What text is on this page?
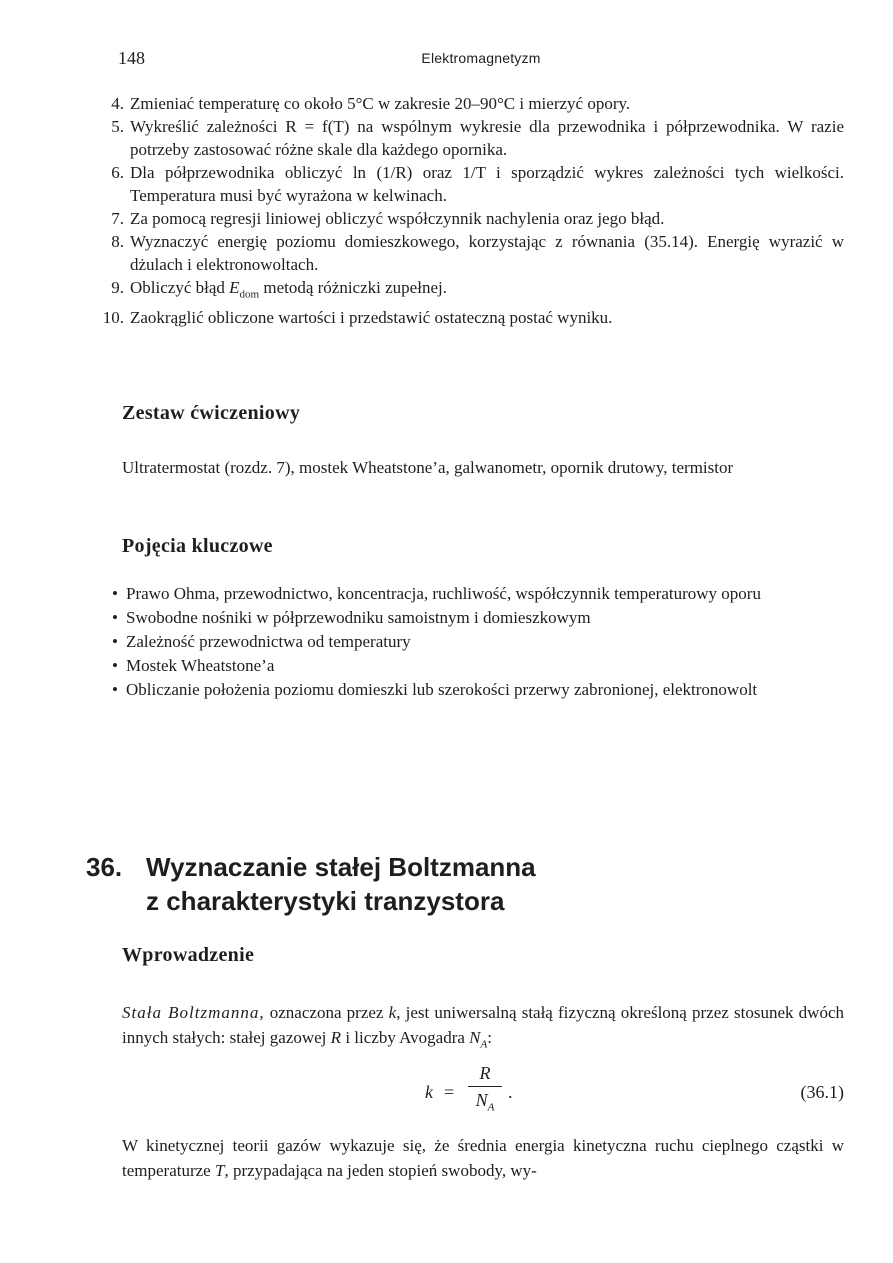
148	Elektromagnetyzm
4. Zmieniać temperaturę co około 5°C w zakresie 20–90°C i mierzyć opory.
5. Wykreślić zależności R = f(T) na wspólnym wykresie dla przewodnika i półprzewodnika. W razie potrzeby zastosować różne skale dla każdego opornika.
6. Dla półprzewodnika obliczyć ln (1/R) oraz 1/T i sporządzić wykres zależności tych wielkości. Temperatura musi być wyrażona w kelwinach.
7. Za pomocą regresji liniowej obliczyć współczynnik nachylenia oraz jego błąd.
8. Wyznaczyć energię poziomu domieszkowego, korzystając z równania (35.14). Energię wyrazić w dżulach i elektronowoltach.
9. Obliczyć błąd $E_{dom}$ metodą różniczki zupełnej.
10. Zaokrąglić obliczone wartości i przedstawić ostateczną postać wyniku.
Zestaw ćwiczeniowy

Ultratermostat (rozdz. 7), mostek Wheatstone’a, galwanometr, opornik drutowy, termistor

Pojęcia kluczowe
• Prawo Ohma, przewodnictwo, koncentracja, ruchliwość, współczynnik temperaturowy oporu
• Swobodne nośniki w półprzewodniku samoistnym i domieszkowym
• Zależność przewodnictwa od temperatury
• Mostek Wheatstone’a
• Obliczanie położenia poziomu domieszki lub szerokości przerwy zabronionej, elektronowolt
36. Wyznaczanie stałej Boltzmanna
z charakterystyki tranzystora
Wprowadzenie

Stała Boltzmanna, oznaczona przez k, jest uniwersalną stałą fizyczną określoną przez stosunek dwóch innych stałych: stałej gazowej R i liczby Avogadra $N_A$:

k =
R
$N_A$
.	(36.1)

W kinetycznej teorii gazów wykazuje się, że średnia energia kinetyczna ruchu cieplnego cząstki w temperaturze T, przypadająca na jeden stopień swobody, wy-
